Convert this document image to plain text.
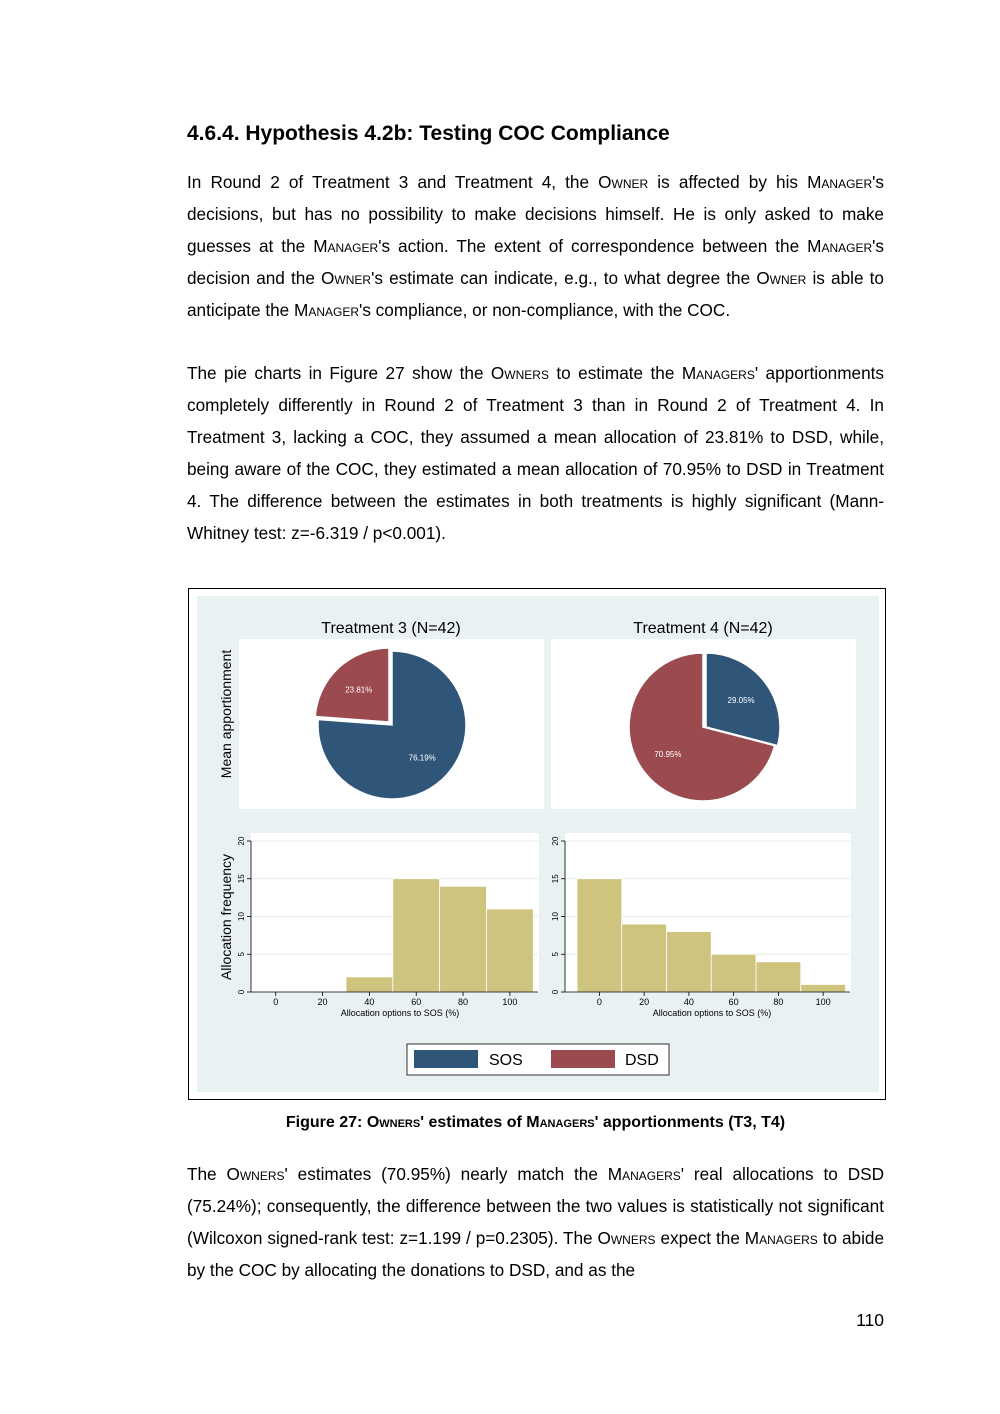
4.6.4. Hypothesis 4.2b: Testing COC Compliance

In Round 2 of Treatment 3 and Treatment 4, the Owner is affected by his Manager's decisions, but has no possibility to make decisions himself. He is only asked to make guesses at the Manager's action. The extent of correspondence between the Manager's decision and the Owner's estimate can indicate, e.g., to what degree the Owner is able to anticipate the Manager's compliance, or non-compliance, with the COC.

The pie charts in Figure 27 show the Owners to estimate the Managers' apportionments completely differently in Round 2 of Treatment 3 than in Round 2 of Treatment 4. In Treatment 3, lacking a COC, they assumed a mean allocation of 23.81% to DSD, while, being aware of the COC, they estimated a mean allocation of 70.95% to DSD in Treatment 4. The difference between the estimates in both treatments is highly significant (Mann-Whitney test: z=-6.319 / p<0.001).

Treatment 3 (N=42)	Treatment 4 (N=42)
76.19%
23.81%
29.05%
70.95%
Mean apportionment
0
5
10
15
20
0	20	40	60	80	100
0
5
10
15
20
0	20	40	60	80	100
Allocation frequency
Allocation options to SOS (%)	Allocation options to SOS (%)
SOS	DSD

Figure 27: Owners' estimates of Managers' apportionments (T3, T4)

The Owners' estimates (70.95%) nearly match the Managers' real allocations to DSD (75.24%); consequently, the difference between the two values is statistically not significant (Wilcoxon signed-rank test: z=1.199 / p=0.2305). The Owners expect the Managers to abide by the COC by allocating the donations to DSD, and as the

110
